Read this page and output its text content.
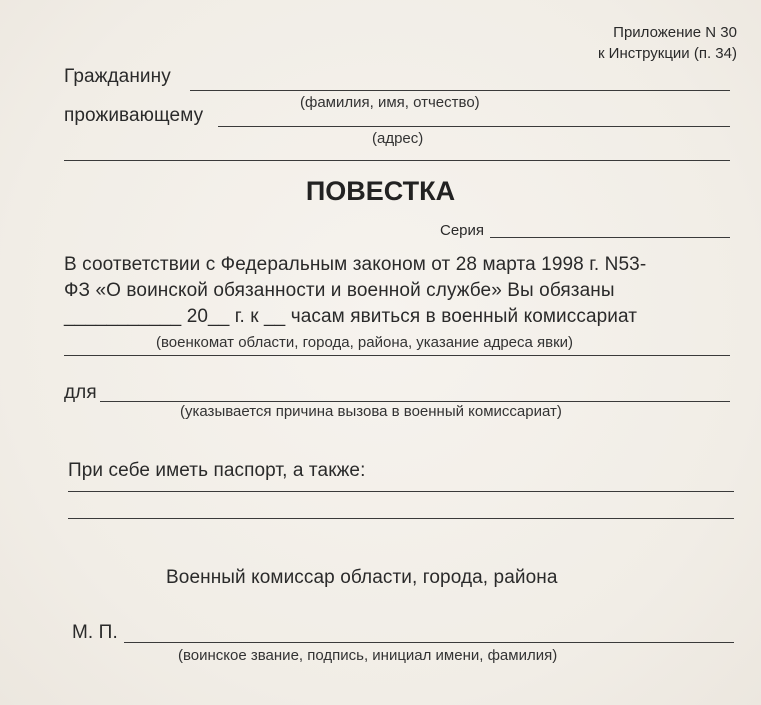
Приложение N 30
к Инструкции (п. 34)
Гражданину
(фамилия, имя, отчество)
проживающему
(адрес)
ПОВЕСТКА
Серия
В соответствии с Федеральным законом от 28 марта 1998 г. N53-
ФЗ «О воинской обязанности и военной службе» Вы обязаны
___________ 20__ г. к __ часам явиться в военный комиссариат
(военкомат области, города, района, указание адреса явки)
для
(указывается причина вызова в военный комиссариат)
При себе иметь паспорт, а также:
Военный комиссар области, города, района
М. П.
(воинское звание, подпись, инициал имени, фамилия)
